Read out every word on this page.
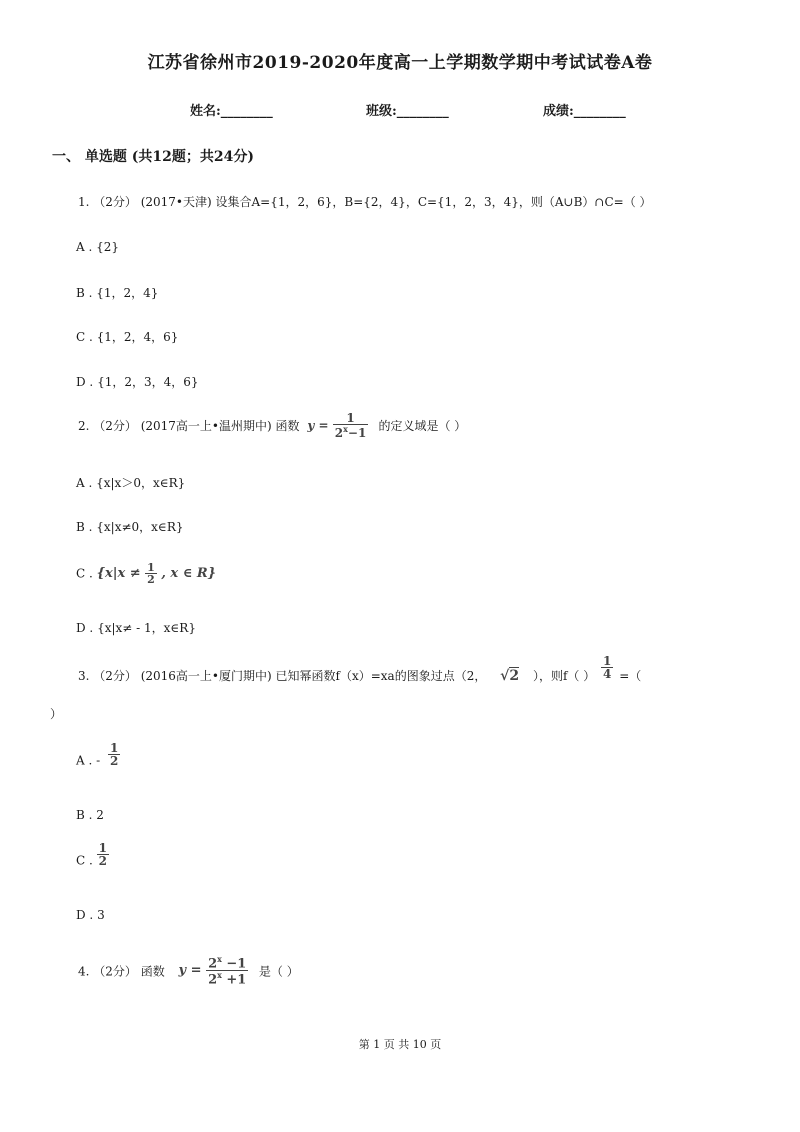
江苏省徐州市2019-2020年度高一上学期数学期中考试试卷A卷
姓名:________	班级:________	成绩:________
一、 单选题 (共12题；共24分)
1. （2分） (2017•天津) 设集合A={1，2，6}，B={2，4}，C={1，2，3，4}，则（A∪B）∩C=（ ）
A . {2}
B . {1，2，4}
C . {1，2，4，6}
D . {1，2，3，4，6}
2. （2分） (2017高一上•温州期中) 函数 $y = \frac{1}{2^x-1}$ 的定义域是（ ）
A . {x|x＞0，x∈R}
B . {x|x≠0，x∈R}
C . {$x|x \ne \frac{1}{2}$ , x ∈ R}
D . {x|x≠ - 1，x∈R}
3. （2分） (2016高一上•厦门期中) 已知幂函数f（x）=xa的图象过点（2， √2 ），则f（ ） $\frac{1}{4}$ =（
）
A . - $\frac{1}{2}$
B . 2
C . $\frac{1}{2}$
D . 3
4. （2分） 函数 $y = \frac{2^x -1}{2^x +1}$ 是（ ）
第 1 页 共 10 页
